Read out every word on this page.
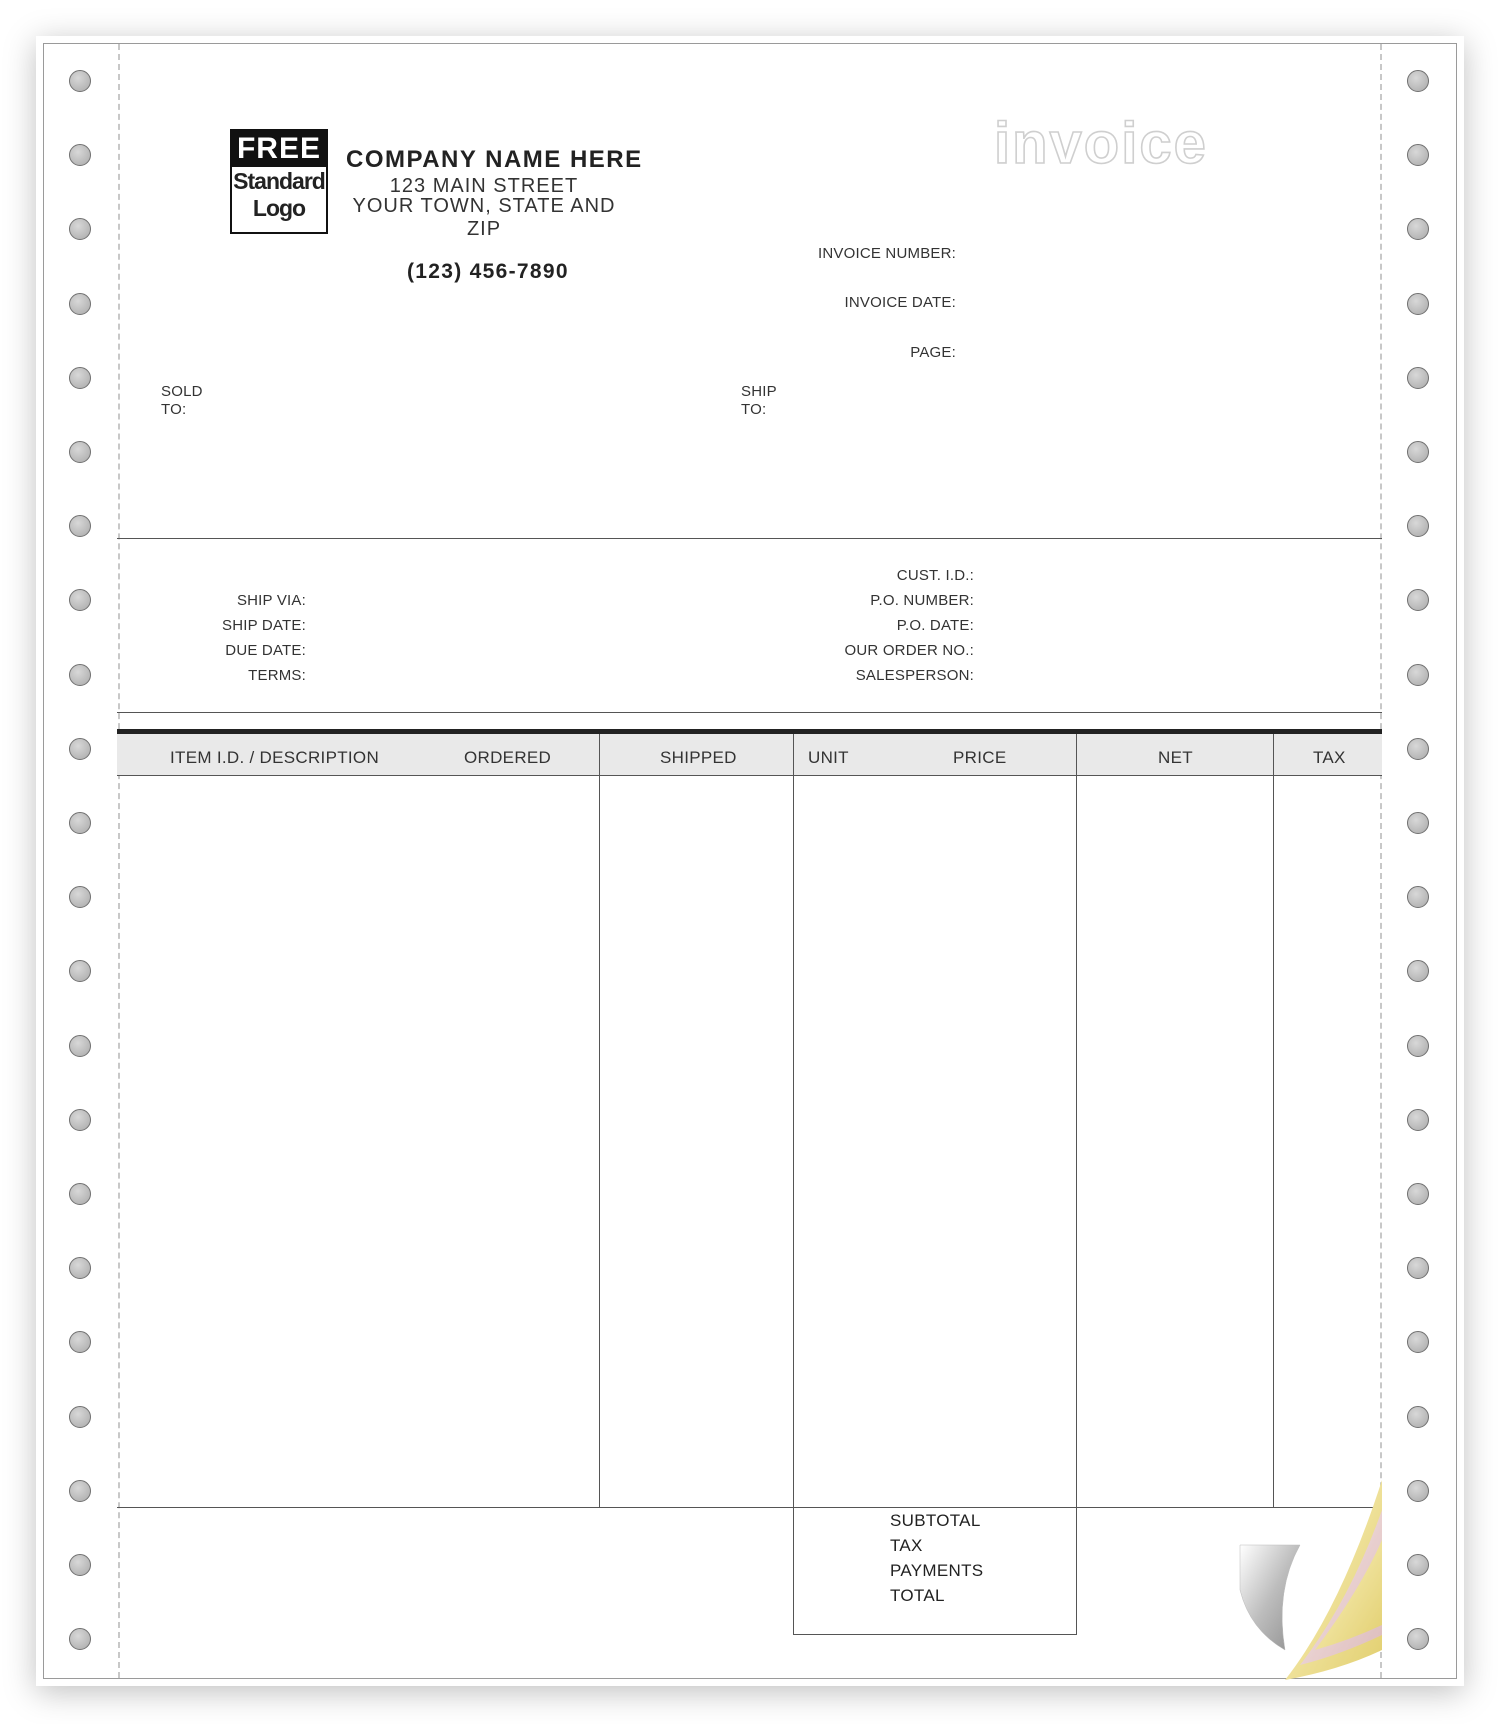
FREE
Standard
Logo
COMPANY NAME HERE
123 MAIN STREET
YOUR TOWN, STATE AND ZIP
(123) 456-7890
invoice
INVOICE NUMBER:
INVOICE DATE:
PAGE:
SOLD
TO:
SHIP
TO:
SHIP VIA:
SHIP DATE:
DUE DATE:
TERMS:
CUST. I.D.:
P.O. NUMBER:
P.O. DATE:
OUR ORDER NO.:
SALESPERSON:
ITEM I.D. / DESCRIPTION	ORDERED	SHIPPED	UNIT	PRICE	NET	TAX
SUBTOTAL
TAX
PAYMENTS
TOTAL
